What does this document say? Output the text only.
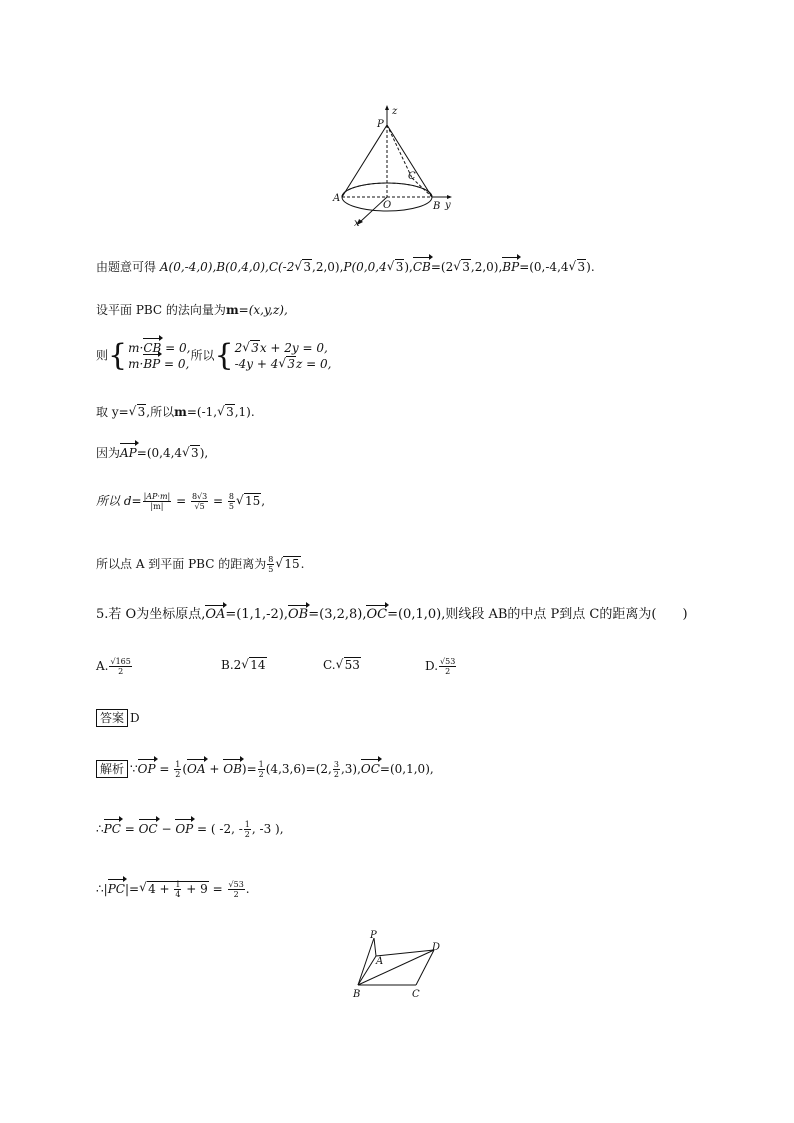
P
z
C
A
O	B y
x
由题意可得 A(0,-4,0),B(0,4,0),C(-2 √ 3,2,0),P(0,0,4 √ 3),CB=(2 √ 3,2,0),BP=(0,-4,4 √ 3).
设平面 PBC 的法向量为m=(x,y,z),
则{ m·CB = 0,
m·BP = 0,
所以{ 2 √ 3x + 2y = 0,
-4y + 4 √ 3z = 0,
取 y= √ 3,所以m=(-1, √ 3,1).
因为AP=(0,4,4 √ 3),
所以 $d= \frac{|AP\cdot m|}{|m|} = \frac{8√3}{√5} = \frac{8}{5}$ √ 15,
所以点 A 到平面 PBC 的距离为 $\frac{8}{5}$ √ 15.
5.若 O为坐标原点,OA=(1,1,-2),OB=(3,2,8),OC=(0,1,0),则线段 AB的中点 P到点 C的距离为(　　)
A. $\frac{√165}{2}$	B.2 √ 14	C. √ 53	D. $\frac{√53}{2}$
答案 D
解析 ∵OP = $\frac{1}{2} (OA + OB)= \frac{1}{2} (4,3,6)=(2$, $\frac{3}{2} ,3),OC=(0,1,0)$,
∴PC = OC − OP = ( -2, - $\frac{1}{2}$ , -3 ),
∴|PC|= √ $4 + \frac{1}{4} + 9 = \frac{√53}{2}$ .
P
A
D
B	C
